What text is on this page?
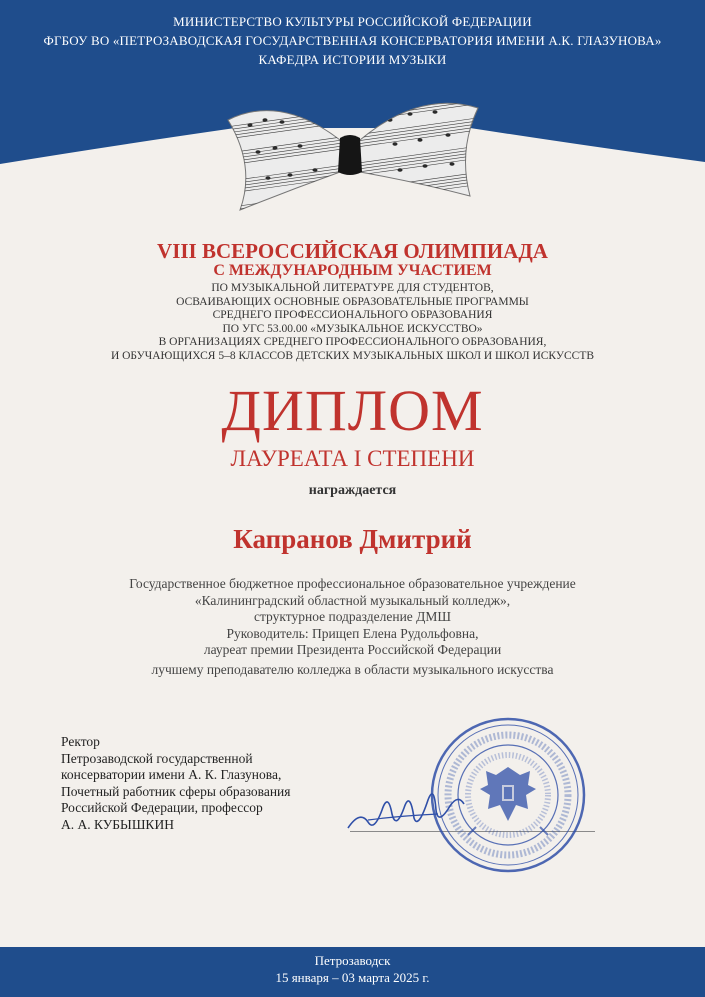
МИНИСТЕРСТВО КУЛЬТУРЫ РОССИЙСКОЙ ФЕДЕРАЦИИ
ФГБОУ ВО «ПЕТРОЗАВОДСКАЯ ГОСУДАРСТВЕННАЯ КОНСЕРВАТОРИЯ ИМЕНИ А.К. ГЛАЗУНОВА»
КАФЕДРА ИСТОРИИ МУЗЫКИ
VIII ВСЕРОССИЙСКАЯ ОЛИМПИАДА
С МЕЖДУНАРОДНЫМ УЧАСТИЕМ
ПО МУЗЫКАЛЬНОЙ ЛИТЕРАТУРЕ ДЛЯ СТУДЕНТОВ,
ОСВАИВАЮЩИХ ОСНОВНЫЕ ОБРАЗОВАТЕЛЬНЫЕ ПРОГРАММЫ
СРЕДНЕГО ПРОФЕССИОНАЛЬНОГО ОБРАЗОВАНИЯ
ПО УГС 53.00.00 «МУЗЫКАЛЬНОЕ ИСКУССТВО»
В ОРГАНИЗАЦИЯХ СРЕДНЕГО ПРОФЕССИОНАЛЬНОГО ОБРАЗОВАНИЯ,
И ОБУЧАЮЩИХСЯ 5–8 КЛАССОВ ДЕТСКИХ МУЗЫКАЛЬНЫХ ШКОЛ И ШКОЛ ИСКУССТВ
ДИПЛОМ
ЛАУРЕАТА I СТЕПЕНИ
награждается
Капранов Дмитрий
Государственное бюджетное профессиональное образовательное учреждение
«Калининградский областной музыкальный колледж»,
структурное подразделение ДМШ
Руководитель: Прищеп Елена Рудольфовна,
лауреат премии Президента Российской Федерации
лучшему преподавателю колледжа в области музыкального искусства
Ректор
Петрозаводской государственной
консерватории имени А. К. Глазунова,
Почетный работник сферы образования
Российской Федерации, профессор
А. А. КУБЫШКИН
Петрозаводск
15 января – 03 марта 2025 г.
